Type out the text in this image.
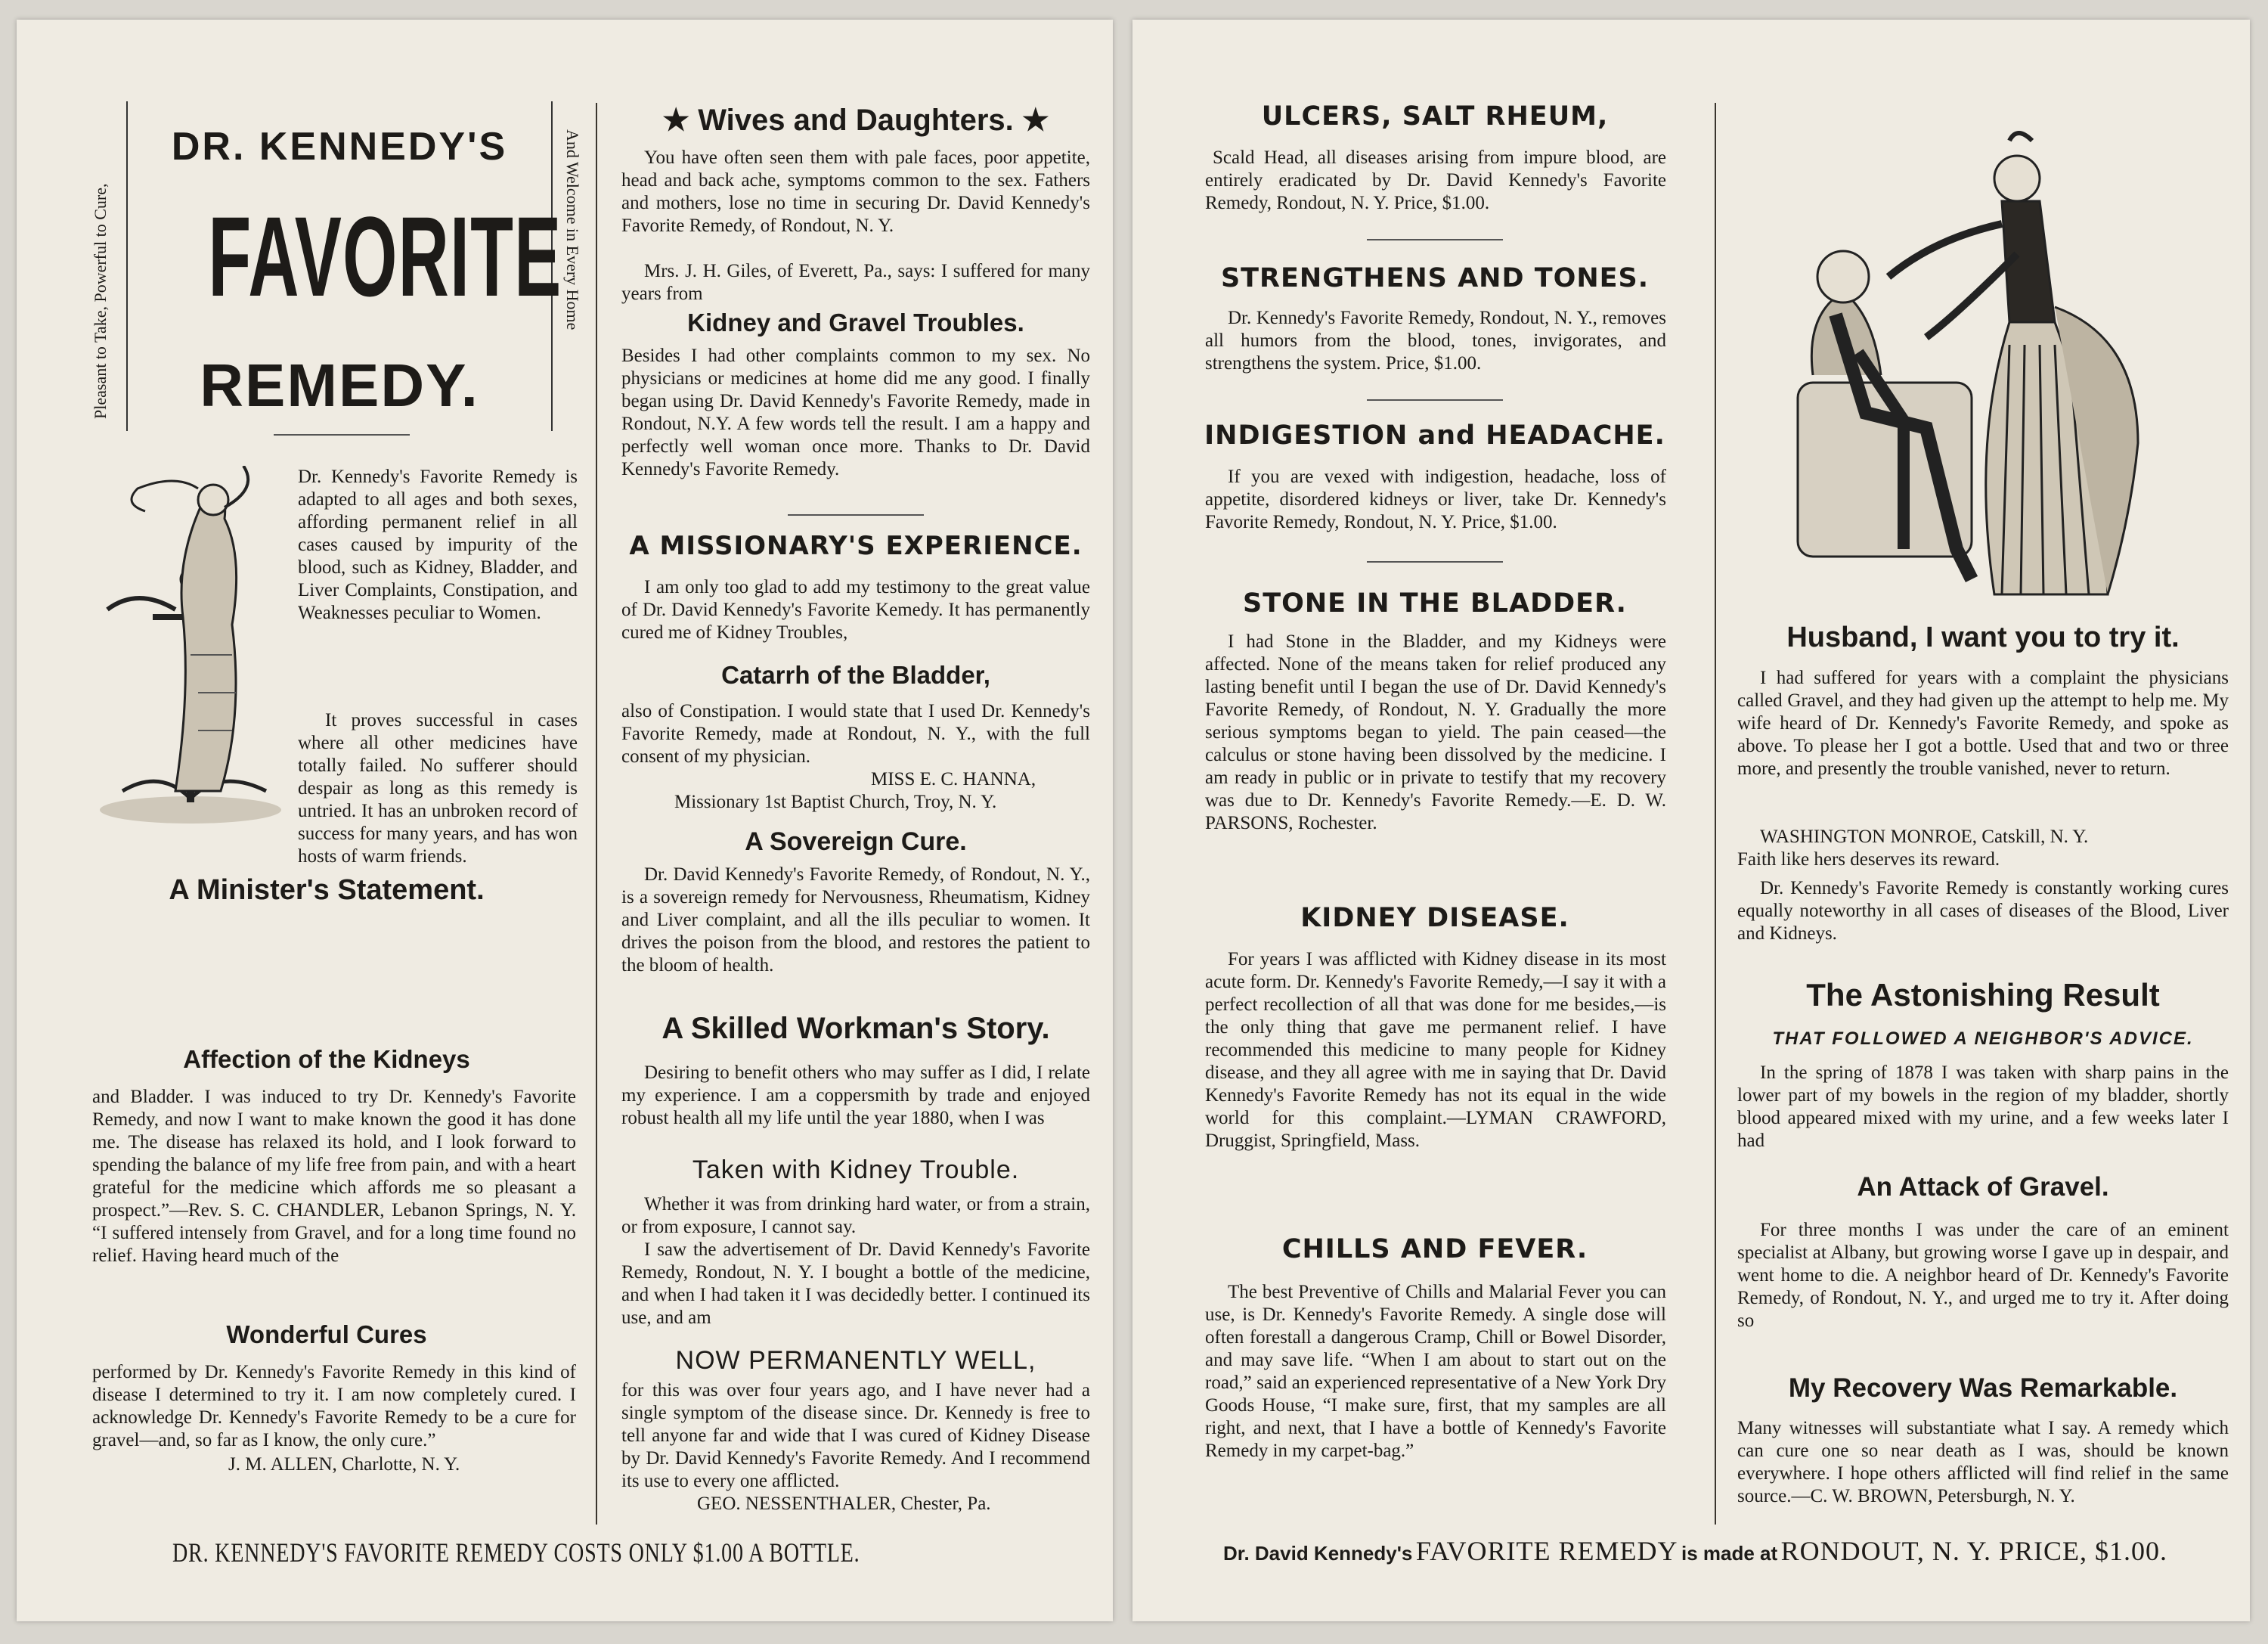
DR. KENNEDY'S
FAVORITE
REMEDY.
Pleasant to Take, Powerful to Cure,	And Welcome in Every Home
Dr. Kennedy's Favorite Remedy is adapted to all ages and both sexes, affording permanent relief in all cases caused by impurity of the blood, such as Kidney, Bladder, and Liver Complaints, Constipation, and Weaknesses peculiar to Women.
It proves successful in cases where all other medicines have totally failed. No sufferer should despair as long as this remedy is untried. It has an unbroken record of success for many years, and has won hosts of warm friends.
A Minister's Statement.
Affection of the Kidneys
and Bladder. I was induced to try Dr. Kennedy's Favorite Remedy, and now I want to make known the good it has done me. The disease has relaxed its hold, and I look forward to spending the balance of my life free from pain, and with a heart grateful for the medicine which affords me so pleasant a prospect.”—Rev. S. C. CHANDLER, Lebanon Springs, N. Y. “I suffered intensely from Gravel, and for a long time found no relief. Having heard much of the
Wonderful Cures
performed by Dr. Kennedy's Favorite Remedy in this kind of disease I determined to try it. I am now completely cured. I acknowledge Dr. Kennedy's Favorite Remedy to be a cure for gravel—and, so far as I know, the only cure.”
J. M. ALLEN, Charlotte, N. Y.
★ Wives and Daughters. ★
You have often seen them with pale faces, poor appetite, head and back ache, symptoms common to the sex. Fathers and mothers, lose no time in securing Dr. David Kennedy's Favorite Remedy, of Rondout, N. Y.
Mrs. J. H. Giles, of Everett, Pa., says: I suffered for many years from
Kidney and Gravel Troubles.
Besides I had other complaints common to my sex. No physicians or medicines at home did me any good. I finally began using Dr. David Kennedy's Favorite Remedy, made in Rondout, N.Y. A few words tell the result. I am a happy and perfectly well woman once more. Thanks to Dr. David Kennedy's Favorite Remedy.
A MISSIONARY'S EXPERIENCE.
I am only too glad to add my testimony to the great value of Dr. David Kennedy's Favorite Kemedy. It has permanently cured me of Kidney Troubles,
Catarrh of the Bladder,
also of Constipation. I would state that I used Dr. Kennedy's Favorite Remedy, made at Rondout, N. Y., with the full consent of my physician.
MISS E. C. HANNA,
Missionary 1st Baptist Church, Troy, N. Y.
A Sovereign Cure.
Dr. David Kennedy's Favorite Remedy, of Rondout, N. Y., is a sovereign remedy for Nervousness, Rheumatism, Kidney and Liver complaint, and all the ills peculiar to women. It drives the poison from the blood, and restores the patient to the bloom of health.
A Skilled Workman's Story.
Desiring to benefit others who may suffer as I did, I relate my experience. I am a coppersmith by trade and enjoyed robust health all my life until the year 1880, when I was
Taken with Kidney Trouble.
Whether it was from drinking hard water, or from a strain, or from exposure, I cannot say.
I saw the advertisement of Dr. David Kennedy's Favorite Remedy, Rondout, N. Y. I bought a bottle of the medicine, and when I had taken it I was decidedly better. I continued its use, and am
NOW PERMANENTLY WELL,
for this was over four years ago, and I have never had a single symptom of the disease since. Dr. Kennedy is free to tell anyone far and wide that I was cured of Kidney Disease by Dr. David Kennedy's Favorite Remedy. And I recommend its use to every one afflicted.
GEO. NESSENTHALER, Chester, Pa.
DR. KENNEDY'S FAVORITE REMEDY COSTS ONLY $1.00 A BOTTLE.
ULCERS, SALT RHEUM,
Scald Head, all diseases arising from impure blood, are entirely eradicated by Dr. David Kennedy's Favorite Remedy, Rondout, N. Y. Price, $1.00.
STRENGTHENS AND TONES.
Dr. Kennedy's Favorite Remedy, Rondout, N. Y., removes all humors from the blood, tones, invigorates, and strengthens the system. Price, $1.00.
INDIGESTION and HEADACHE.
If you are vexed with indigestion, headache, loss of appetite, disordered kidneys or liver, take Dr. Kennedy's Favorite Remedy, Rondout, N. Y. Price, $1.00.
STONE IN THE BLADDER.
I had Stone in the Bladder, and my Kidneys were affected. None of the means taken for relief produced any lasting benefit until I began the use of Dr. David Kennedy's Favorite Remedy, of Rondout, N. Y. Gradually the more serious symptoms began to yield. The pain ceased—the calculus or stone having been dissolved by the medicine. I am ready in public or in private to testify that my recovery was due to Dr. Kennedy's Favorite Remedy.—E. D. W. PARSONS, Rochester.
KIDNEY DISEASE.
For years I was afflicted with Kidney disease in its most acute form. Dr. Kennedy's Favorite Remedy,—I say it with a perfect recollection of all that was done for me besides,—is the only thing that gave me permanent relief. I have recommended this medicine to many people for Kidney disease, and they all agree with me in saying that Dr. David Kennedy's Favorite Remedy has not its equal in the wide world for this complaint.—LYMAN CRAWFORD, Druggist, Springfield, Mass.
CHILLS AND FEVER.
The best Preventive of Chills and Malarial Fever you can use, is Dr. Kennedy's Favorite Remedy. A single dose will often forestall a dangerous Cramp, Chill or Bowel Disorder, and may save life. “When I am about to start out on the road,” said an experienced representative of a New York Dry Goods House, “I make sure, first, that my samples are all right, and next, that I have a bottle of Kennedy's Favorite Remedy in my carpet-bag.”
Husband, I want you to try it.
I had suffered for years with a complaint the physicians called Gravel, and they had given up the attempt to help me. My wife heard of Dr. Kennedy's Favorite Remedy, and spoke as above. To please her I got a bottle. Used that and two or three more, and presently the trouble vanished, never to return.
WASHINGTON MONROE, Catskill, N. Y.
Faith like hers deserves its reward.
Dr. Kennedy's Favorite Remedy is constantly working cures equally noteworthy in all cases of diseases of the Blood, Liver and Kidneys.
The Astonishing Result
THAT FOLLOWED A NEIGHBOR'S ADVICE.
In the spring of 1878 I was taken with sharp pains in the lower part of my bowels in the region of my bladder, shortly blood appeared mixed with my urine, and a few weeks later I had
An Attack of Gravel.
For three months I was under the care of an eminent specialist at Albany, but growing worse I gave up in despair, and went home to die. A neighbor heard of Dr. Kennedy's Favorite Remedy, of Rondout, N. Y., and urged me to try it. After doing so
My Recovery Was Remarkable.
Many witnesses will substantiate what I say. A remedy which can cure one so near death as I was, should be known everywhere. I hope others afflicted will find relief in the same source.—C. W. BROWN, Petersburgh, N. Y.
Dr. David Kennedy's FAVORITE REMEDY is made at RONDOUT, N. Y. PRICE, $1.00.
